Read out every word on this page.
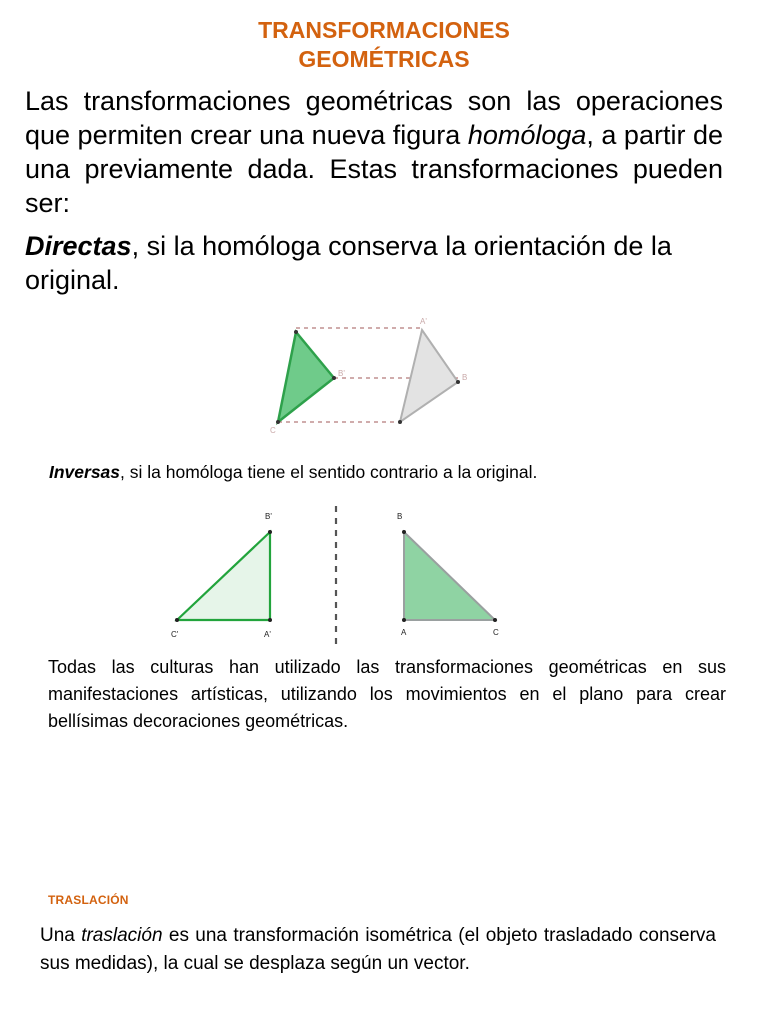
TRANSFORMACIONES
GEOMÉTRICAS
Las transformaciones geométricas son las operaciones que permiten crear una nueva figura homóloga, a partir de una previamente dada. Estas transformaciones pueden ser:
Directas, si la homóloga conserva la orientación de la original.
A'
B'	B
C
Inversas, si la homóloga tiene el sentido contrario a la original.
B'
C'	A'
B
A	C
Todas las culturas han utilizado las transformaciones geométricas en sus manifestaciones artísticas, utilizando los movimientos en el plano para crear bellísimas decoraciones geométricas.
TRASLACIÓN
Una traslación es una transformación isométrica (el objeto trasladado conserva sus medidas), la cual se desplaza según un vector.
